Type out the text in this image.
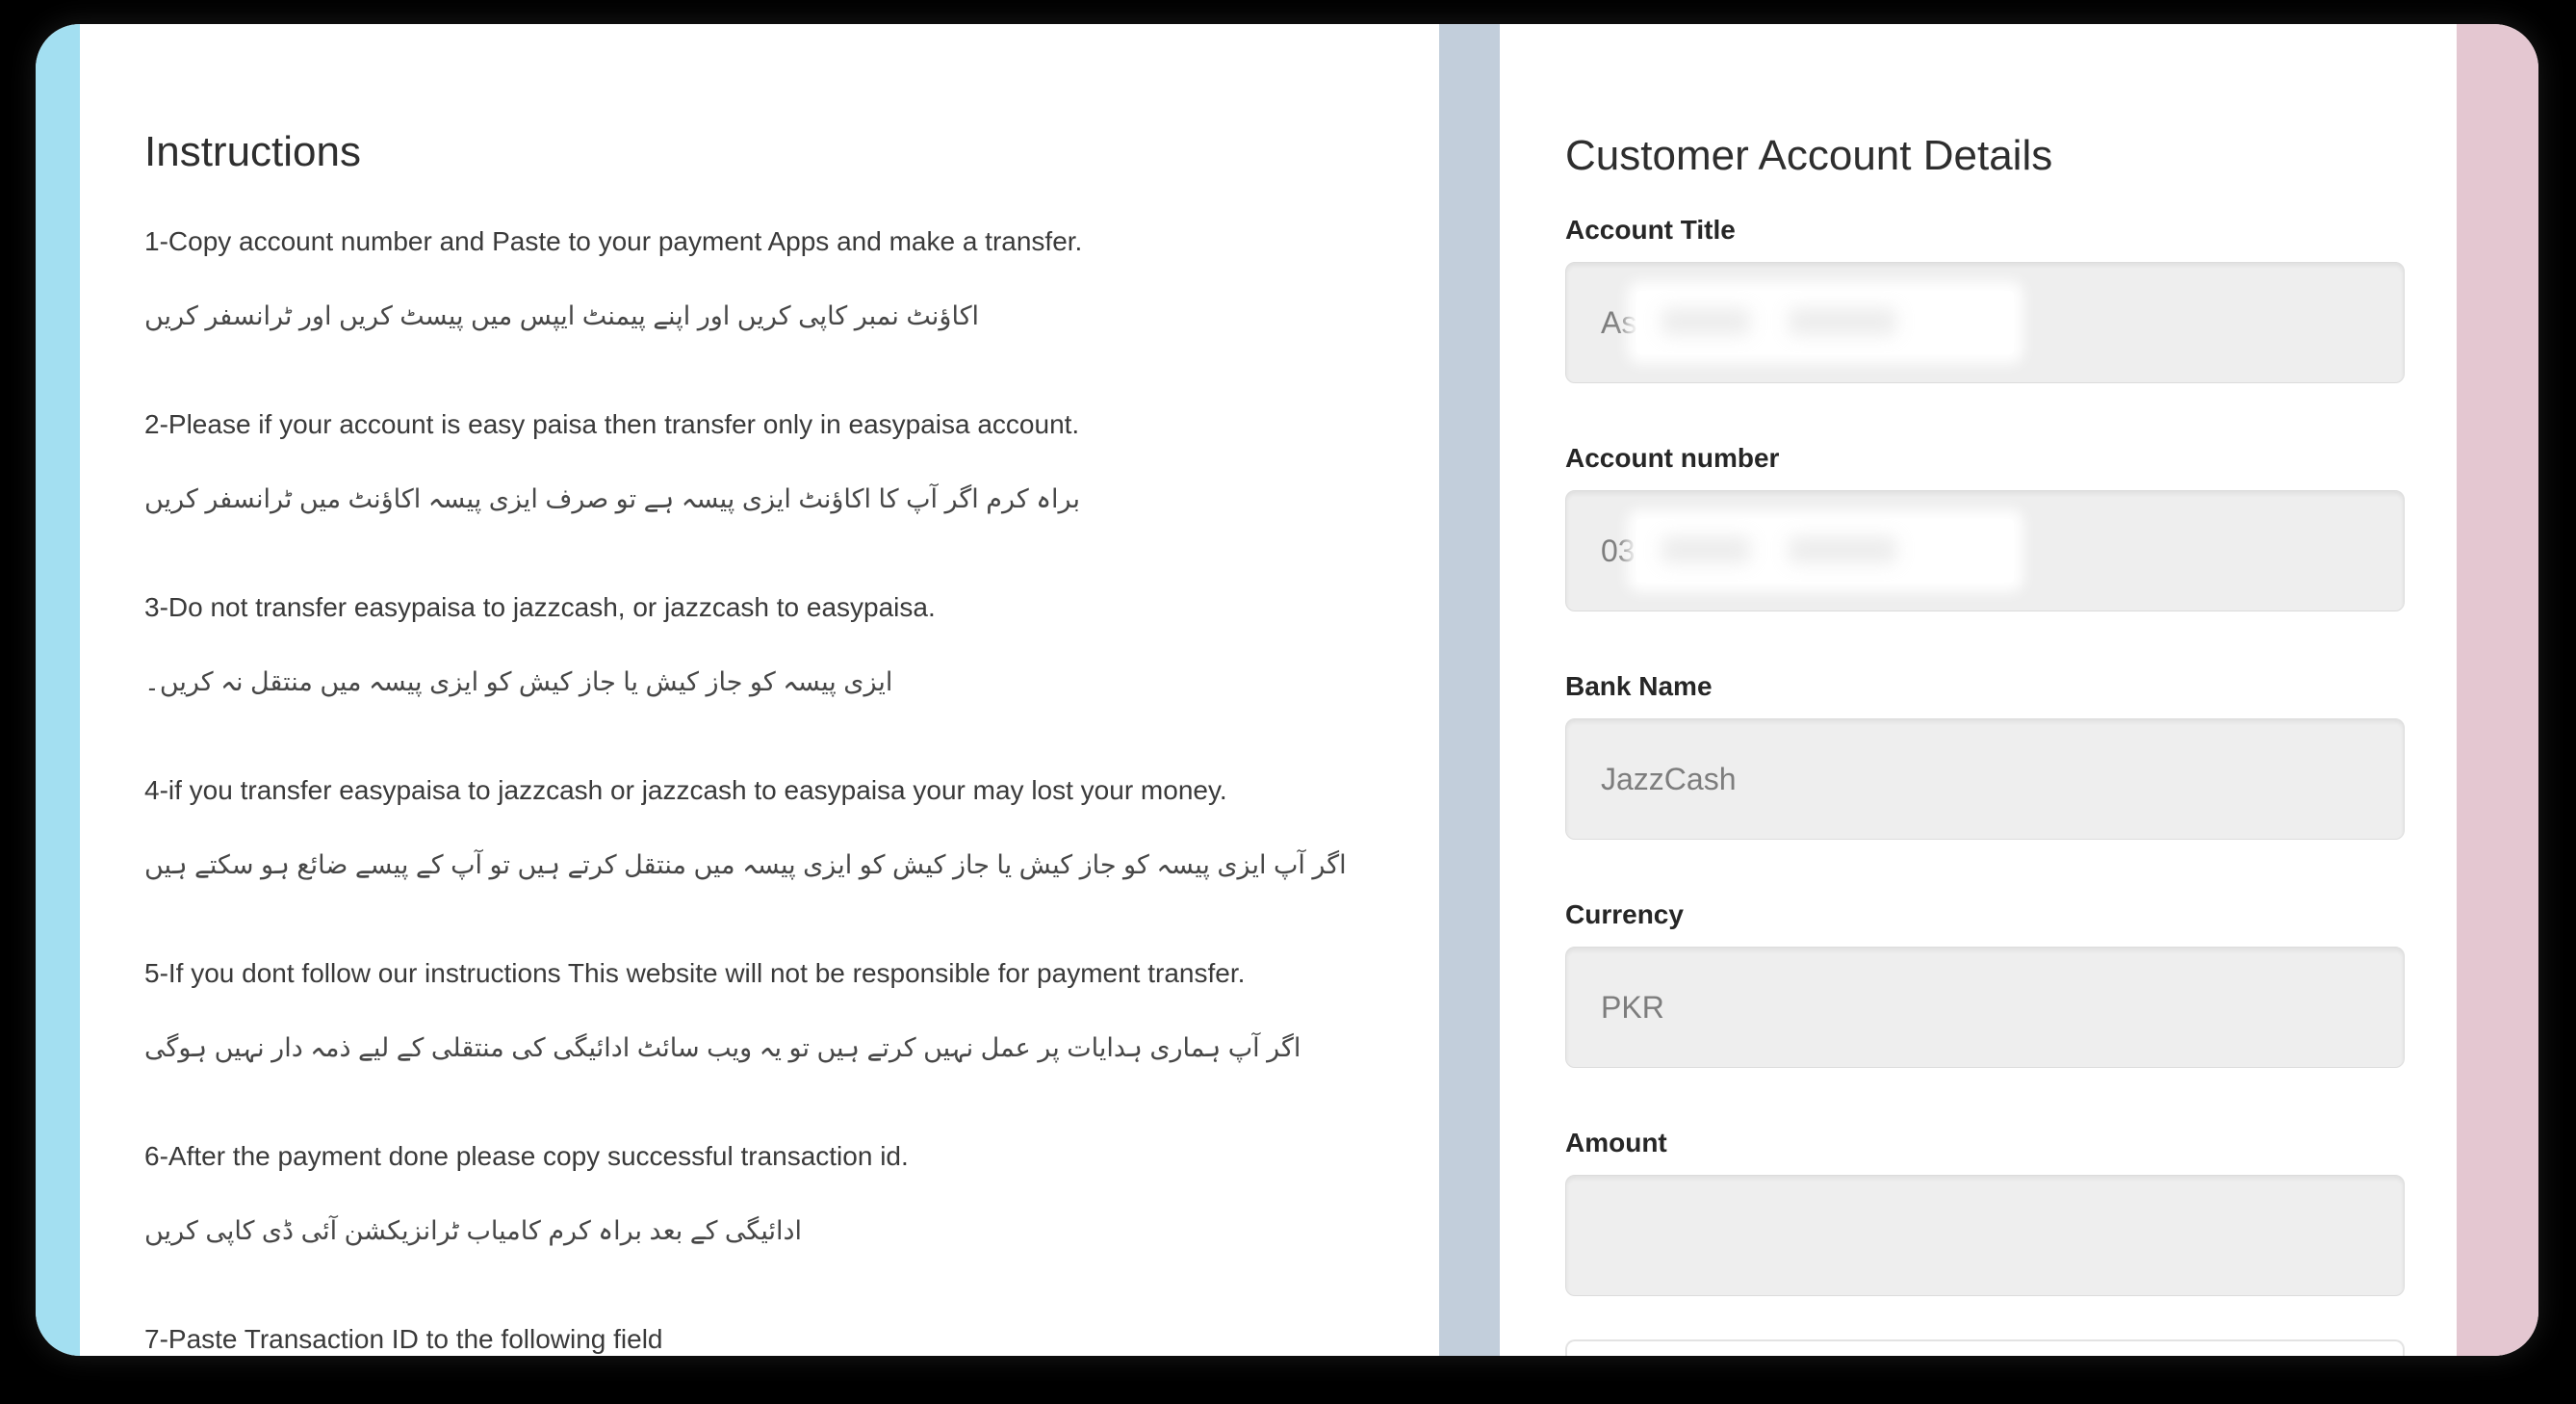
Instructions

1-Copy account number and Paste to your payment Apps and make a transfer.

اکاؤنٹ نمبر کاپی کریں اور اپنے پیمنٹ ایپس میں پیسٹ کریں اور ٹرانسفر کریں

2-Please if your account is easy paisa then transfer only in easypaisa account.

براہ کرم اگر آپ کا اکاؤنٹ ایزی پیسہ ہے تو صرف ایزی پیسہ اکاؤنٹ میں ٹرانسفر کریں

3-Do not transfer easypaisa to jazzcash, or jazzcash to easypaisa.

ایزی پیسہ کو جاز کیش یا جاز کیش کو ایزی پیسہ میں منتقل نہ کریں۔

4-if you transfer easypaisa to jazzcash or jazzcash to easypaisa your may lost your money.

اگر آپ ایزی پیسہ کو جاز کیش یا جاز کیش کو ایزی پیسہ میں منتقل کرتے ہیں تو آپ کے پیسے ضائع ہو سکتے ہیں

5-If you dont follow our instructions This website will not be responsible for payment transfer.

اگر آپ ہماری ہدایات پر عمل نہیں کرتے ہیں تو یہ ویب سائٹ ادائیگی کی منتقلی کے لیے ذمہ دار نہیں ہوگی

6-After the payment done please copy successful transaction id.

ادائیگی کے بعد براہ کرم کامیاب ٹرانزیکشن آئی ڈی کاپی کریں

7-Paste Transaction ID to the following field

Customer Account Details
Account Title
As
Account number
03
Bank Name
JazzCash
Currency
PKR
Amount
